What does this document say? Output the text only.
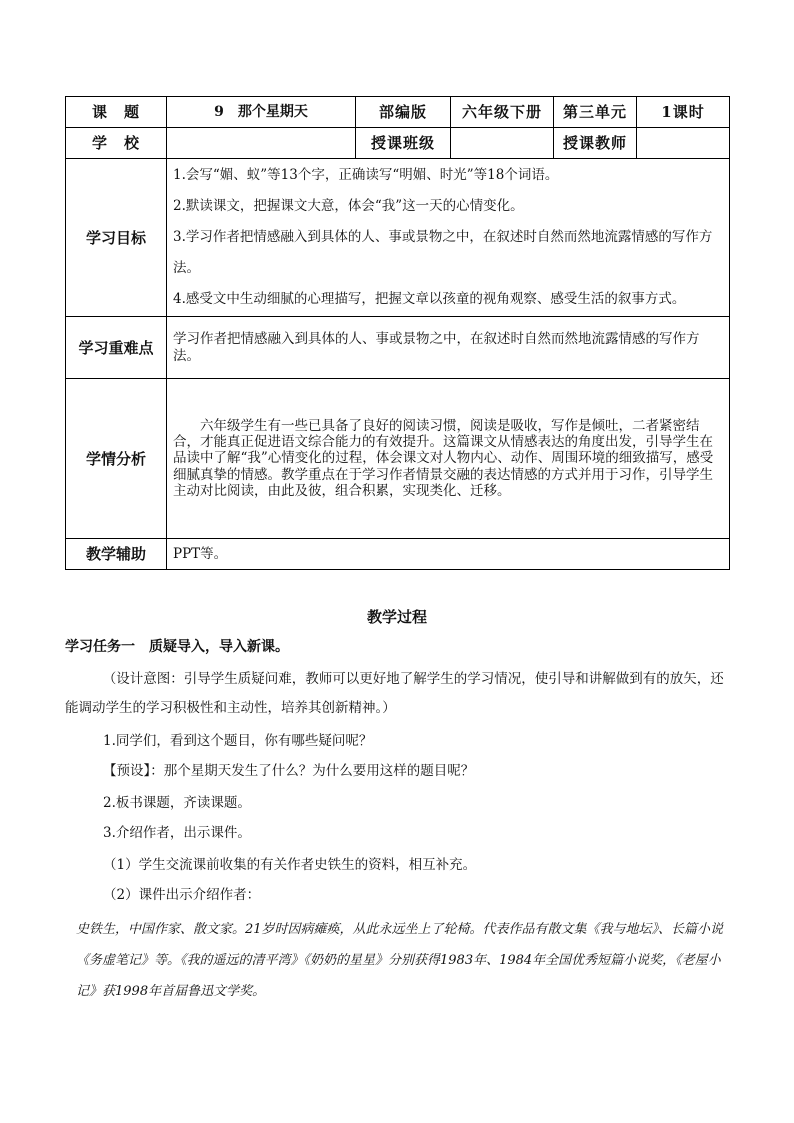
课　题	9　那个星期天	部编版	六年级下册	第三单元	1课时
学　校		授课班级		授课教师	
学习目标	1.会写“媚、蚁”等13个字，正确读写“明媚、时光”等18个词语。

2.默读课文，把握课文大意，体会“我”这一天的心情变化。

3.学习作者把情感融入到具体的人、事或景物之中，在叙述时自然而然地流露情感的写作方法。

4.感受文中生动细腻的心理描写，把握文章以孩童的视角观察、感受生活的叙事方式。				

学习重难点	学习作者把情感融入到具体的人、事或景物之中，在叙述时自然而然地流露情感的写作方法。				
学情分析	六年级学生有一些已具备了良好的阅读习惯，阅读是吸收，写作是倾吐，二者紧密结合，才能真正促进语文综合能力的有效提升。这篇课文从情感表达的角度出发，引导学生在品读中了解“我”心情变化的过程，体会课文对人物内心、动作、周围环境的细致描写，感受细腻真挚的情感。教学重点在于学习作者情景交融的表达情感的方式并用于习作，引导学生主动对比阅读，由此及彼，组合积累，实现类化、迁移。				
教学辅助	PPT等。				
教学过程
学习任务一　质疑导入，导入新课。
（设计意图：引导学生质疑问难，教师可以更好地了解学生的学习情况，使引导和讲解做到有的放矢，还能调动学生的学习积极性和主动性，培养其创新精神。）
1.同学们，看到这个题目，你有哪些疑问呢？
【预设】：那个星期天发生了什么？为什么要用这样的题目呢？
2.板书课题，齐读课题。
3.介绍作者，出示课件。
（1）学生交流课前收集的有关作者史铁生的资料，相互补充。
（2）课件出示介绍作者：
史铁生，中国作家、散文家。21岁时因病瘫痪，从此永远坐上了轮椅。代表作品有散文集《我与地坛》、长篇小说《务虚笔记》等。《我的遥远的清平湾》《奶奶的星星》分别获得1983年、1984年全国优秀短篇小说奖，《老屋小记》获1998年首届鲁迅文学奖。
